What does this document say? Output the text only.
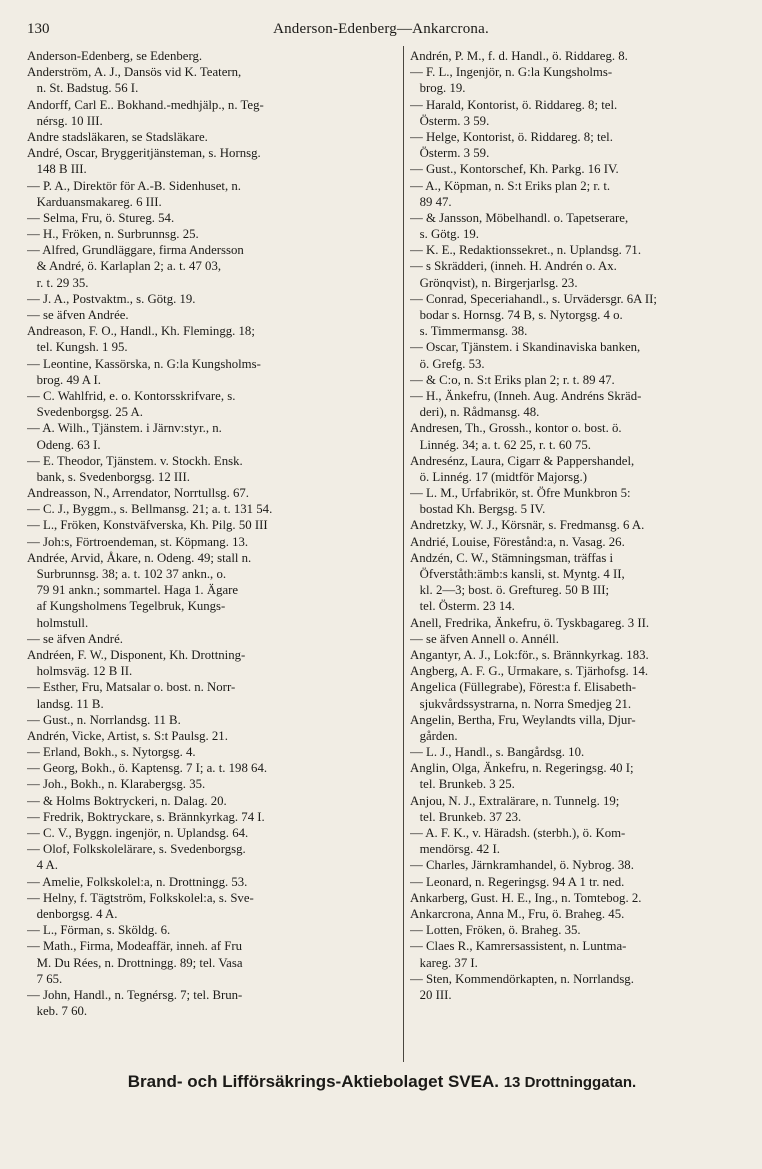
130	Anderson-Edenberg—Ankarcrona.
Anderson-Edenberg, se Edenberg.
Anderström, A. J., Dansös vid K. Teatern,
n. St. Badstug. 56 I.
Andorff, Carl E.. Bokhand.-medhjälp., n. Teg-
nérsg. 10 III.
Andre stadsläkaren, se Stadsläkare.
André, Oscar, Bryggeritjänsteman, s. Hornsg.
148 B III.
— P. A., Direktör för A.-B. Sidenhuset, n.
Karduansmakareg. 6 III.
— Selma, Fru, ö. Stureg. 54.
— H., Fröken, n. Surbrunnsg. 25.
— Alfred, Grundläggare, firma Andersson
& André, ö. Karlaplan 2; a. t. 47 03,
r. t. 29 35.
— J. A., Postvaktm., s. Götg. 19.
— se äfven Andrée.
Andreason, F. O., Handl., Kh. Flemingg. 18;
tel. Kungsh. 1 95.
— Leontine, Kassörska, n. G:la Kungsholms-
brog. 49 A I.
— C. Wahlfrid, e. o. Kontorsskrifvare, s.
Svedenborgsg. 25 A.
— A. Wilh., Tjänstem. i Järnv:styr., n.
Odeng. 63 I.
— E. Theodor, Tjänstem. v. Stockh. Ensk.
bank, s. Svedenborgsg. 12 III.
Andreasson, N., Arrendator, Norrtullsg. 67.
— C. J., Byggm., s. Bellmansg. 21; a. t. 131 54.
— L., Fröken, Konstväfverska, Kh. Pilg. 50 III
— Joh:s, Förtroendeman, st. Köpmang. 13.
Andrée, Arvid, Åkare, n. Odeng. 49; stall n.
Surbrunnsg. 38; a. t. 102 37 ankn., o.
79 91 ankn.; sommartel. Haga 1. Ägare
af Kungsholmens Tegelbruk, Kungs-
holmstull.
— se äfven André.
Andréen, F. W., Disponent, Kh. Drottning-
holmsväg. 12 B II.
— Esther, Fru, Matsalar o. bost. n. Norr-
landsg. 11 B.
— Gust., n. Norrlandsg. 11 B.
Andrén, Vicke, Artist, s. S:t Paulsg. 21.
— Erland, Bokh., s. Nytorgsg. 4.
— Georg, Bokh., ö. Kaptensg. 7 I; a. t. 198 64.
— Joh., Bokh., n. Klarabergsg. 35.
— & Holms Boktryckeri, n. Dalag. 20.
— Fredrik, Boktryckare, s. Brännkyrkag. 74 I.
— C. V., Byggn. ingenjör, n. Uplandsg. 64.
— Olof, Folkskolelärare, s. Svedenborgsg.
4 A.
— Amelie, Folkskolel:a, n. Drottningg. 53.
— Helny, f. Tägtström, Folkskolel:a, s. Sve-
denborgsg. 4 A.
— L., Förman, s. Sköldg. 6.
— Math., Firma, Modeaffär, inneh. af Fru
M. Du Rées, n. Drottningg. 89; tel. Vasa
7 65.
— John, Handl., n. Tegnérsg. 7; tel. Brun-
keb. 7 60.
Andrén, P. M., f. d. Handl., ö. Riddareg. 8.
— F. L., Ingenjör, n. G:la Kungsholms-
brog. 19.
— Harald, Kontorist, ö. Riddareg. 8; tel.
Österm. 3 59.
— Helge, Kontorist, ö. Riddareg. 8; tel.
Österm. 3 59.
— Gust., Kontorschef, Kh. Parkg. 16 IV.
— A., Köpman, n. S:t Eriks plan 2; r. t.
89 47.
— & Jansson, Möbelhandl. o. Tapetserare,
s. Götg. 19.
— K. E., Redaktionssekret., n. Uplandsg. 71.
— s Skrädderi, (inneh. H. Andrén o. Ax.
Grönqvist), n. Birgerjarlsg. 23.
— Conrad, Speceriahandl., s. Urvädersgr. 6A II;
bodar s. Hornsg. 74 B, s. Nytorgsg. 4 o.
s. Timmermansg. 38.
— Oscar, Tjänstem. i Skandinaviska banken,
ö. Grefg. 53.
— & C:o, n. S:t Eriks plan 2; r. t. 89 47.
— H., Änkefru, (Inneh. Aug. Andréns Skräd-
deri), n. Rådmansg. 48.
Andresen, Th., Grossh., kontor o. bost. ö.
Linnég. 34; a. t. 62 25, r. t. 60 75.
Andresénz, Laura, Cigarr & Pappershandel,
ö. Linnég. 17 (midtför Majorsg.)
— L. M., Urfabrikör, st. Öfre Munkbron 5:
bostad Kh. Bergsg. 5 IV.
Andretzky, W. J., Körsnär, s. Fredmansg. 6 A.
Andrié, Louise, Förestånd:a, n. Vasag. 26.
Andzén, C. W., Stämningsman, träffas i
Öfverståth:ämb:s kansli, st. Myntg. 4 II,
kl. 2—3; bost. ö. Greftureg. 50 B III;
tel. Österm. 23 14.
Anell, Fredrika, Änkefru, ö. Tyskbagareg. 3 II.
— se äfven Annell o. Annéll.
Angantyr, A. J., Lok:för., s. Brännkyrkag. 183.
Angberg, A. F. G., Urmakare, s. Tjärhofsg. 14.
Angelica (Füllegrabe), Förest:a f. Elisabeth-
sjukvårdssystrarna, n. Norra Smedjeg 21.
Angelin, Bertha, Fru, Weylandts villa, Djur-
gården.
— L. J., Handl., s. Bangårdsg. 10.
Anglin, Olga, Änkefru, n. Regeringsg. 40 I;
tel. Brunkeb. 3 25.
Anjou, N. J., Extralärare, n. Tunnelg. 19;
tel. Brunkeb. 37 23.
— A. F. K., v. Häradsh. (sterbh.), ö. Kom-
mendörsg. 42 I.
— Charles, Järnkramhandel, ö. Nybrog. 38.
— Leonard, n. Regeringsg. 94 A 1 tr. ned.
Ankarberg, Gust. H. E., Ing., n. Tomtebog. 2.
Ankarcrona, Anna M., Fru, ö. Braheg. 45.
— Lotten, Fröken, ö. Braheg. 35.
— Claes R., Kamrersassistent, n. Luntma-
kareg. 37 I.
— Sten, Kommendörkapten, n. Norrlandsg.
20 III.
Brand- och Lifförsäkrings-Aktiebolaget SVEA. 13 Drottninggatan.
